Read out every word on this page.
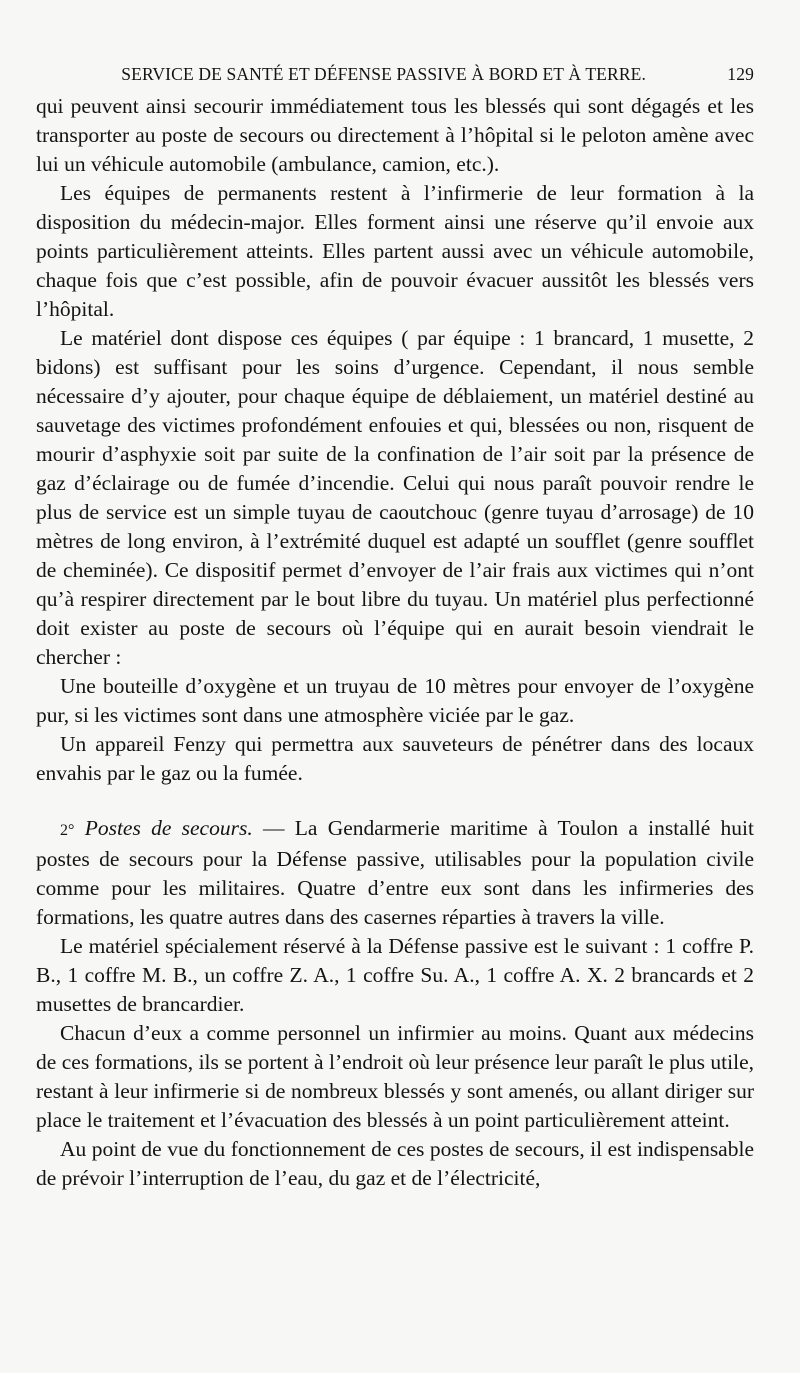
SERVICE DE SANTÉ ET DÉFENSE PASSIVE À BORD ET À TERRE.	129

qui peuvent ainsi secourir immédiatement tous les blessés qui sont dégagés et les transporter au poste de secours ou directement à l’hôpital si le peloton amène avec lui un véhicule automobile (ambulance, camion, etc.).

Les équipes de permanents restent à l’infirmerie de leur formation à la disposition du médecin-major. Elles forment ainsi une réserve qu’il envoie aux points particulièrement atteints. Elles partent aussi avec un véhicule automobile, chaque fois que c’est possible, afin de pouvoir évacuer aussitôt les blessés vers l’hôpital.

Le matériel dont dispose ces équipes ( par équipe : 1 brancard, 1 musette, 2 bidons) est suffisant pour les soins d’urgence. Cependant, il nous semble nécessaire d’y ajouter, pour chaque équipe de déblaiement, un matériel destiné au sauvetage des victimes profondément enfouies et qui, blessées ou non, risquent de mourir d’asphyxie soit par suite de la confination de l’air soit par la présence de gaz d’éclairage ou de fumée d’incendie. Celui qui nous paraît pouvoir rendre le plus de service est un simple tuyau de caoutchouc (genre tuyau d’arrosage) de 10 mètres de long environ, à l’extrémité duquel est adapté un soufflet (genre soufflet de cheminée). Ce dispositif permet d’envoyer de l’air frais aux victimes qui n’ont qu’à respirer directement par le bout libre du tuyau. Un matériel plus perfectionné doit exister au poste de secours où l’équipe qui en aurait besoin viendrait le chercher :

Une bouteille d’oxygène et un truyau de 10 mètres pour envoyer de l’oxygène pur, si les victimes sont dans une atmosphère viciée par le gaz.

Un appareil Fenzy qui permettra aux sauveteurs de pénétrer dans des locaux envahis par le gaz ou la fumée.

2° Postes de secours. — La Gendarmerie maritime à Toulon a installé huit postes de secours pour la Défense passive, utilisables pour la population civile comme pour les militaires. Quatre d’entre eux sont dans les infirmeries des formations, les quatre autres dans des casernes réparties à travers la ville.

Le matériel spécialement réservé à la Défense passive est le suivant : 1 coffre P. B., 1 coffre M. B., un coffre Z. A., 1 coffre Su. A., 1 coffre A. X. 2 brancards et 2 musettes de brancardier.

Chacun d’eux a comme personnel un infirmier au moins. Quant aux médecins de ces formations, ils se portent à l’endroit où leur présence leur paraît le plus utile, restant à leur infirmerie si de nombreux blessés y sont amenés, ou allant diriger sur place le traitement et l’évacuation des blessés à un point particulièrement atteint.

Au point de vue du fonctionnement de ces postes de secours, il est indispensable de prévoir l’interruption de l’eau, du gaz et de l’électricité,
